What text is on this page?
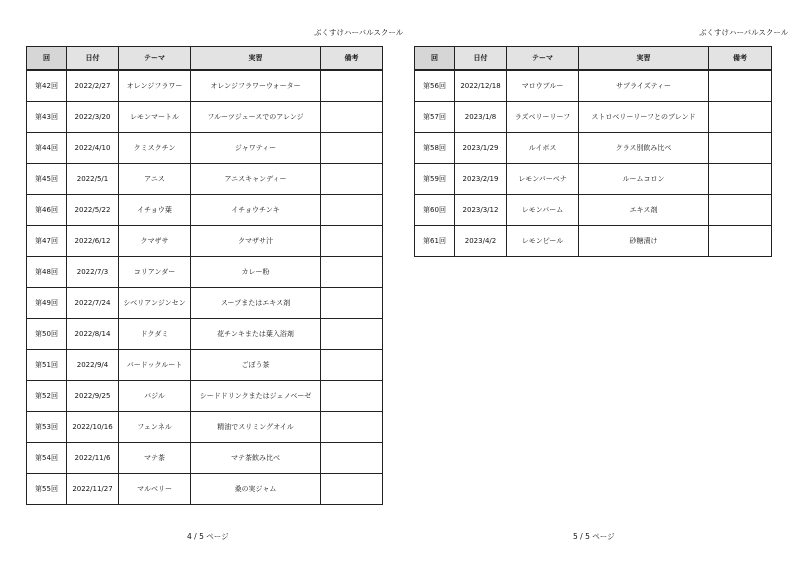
ぶくすけハーバルスクール
回	日付	テーマ	実習	備考
第42回	2022/2/27	オレンジフラワー	オレンジフラワーウォーター	
第43回	2022/3/20	レモンマートル	フルーツジュースでのアレンジ	
第44回	2022/4/10	クミスクチン	ジャワティー	
第45回	2022/5/1	アニス	アニスキャンディー	
第46回	2022/5/22	イチョウ葉	イチョウチンキ	
第47回	2022/6/12	クマザサ	クマザサ汁	
第48回	2022/7/3	コリアンダー	カレー粉	
第49回	2022/7/24	シベリアンジンセン	スープまたはエキス剤	
第50回	2022/8/14	ドクダミ	花チンキまたは葉入浴剤	
第51回	2022/9/4	バードックルート	ごぼう茶	
第52回	2022/9/25	バジル	シードドリンクまたはジェノベーゼ	
第53回	2022/10/16	フェンネル	精油でスリミングオイル	
第54回	2022/11/6	マテ茶	マテ茶飲み比べ	
第55回	2022/11/27	マルベリー	桑の実ジャム	
4 / 5 ページ
ぶくすけハーバルスクール
回	日付	テーマ	実習	備考
第56回	2022/12/18	マロウブルー	サプライズティー	
第57回	2023/1/8	ラズベリーリーフ	ストロベリーリーフとのブレンド	
第58回	2023/1/29	ルイボス	クラス別飲み比べ	
第59回	2023/2/19	レモンバーベナ	ルームコロン	
第60回	2023/3/12	レモンバーム	エキス剤	
第61回	2023/4/2	レモンピール	砂糖漬け	
5 / 5 ページ
